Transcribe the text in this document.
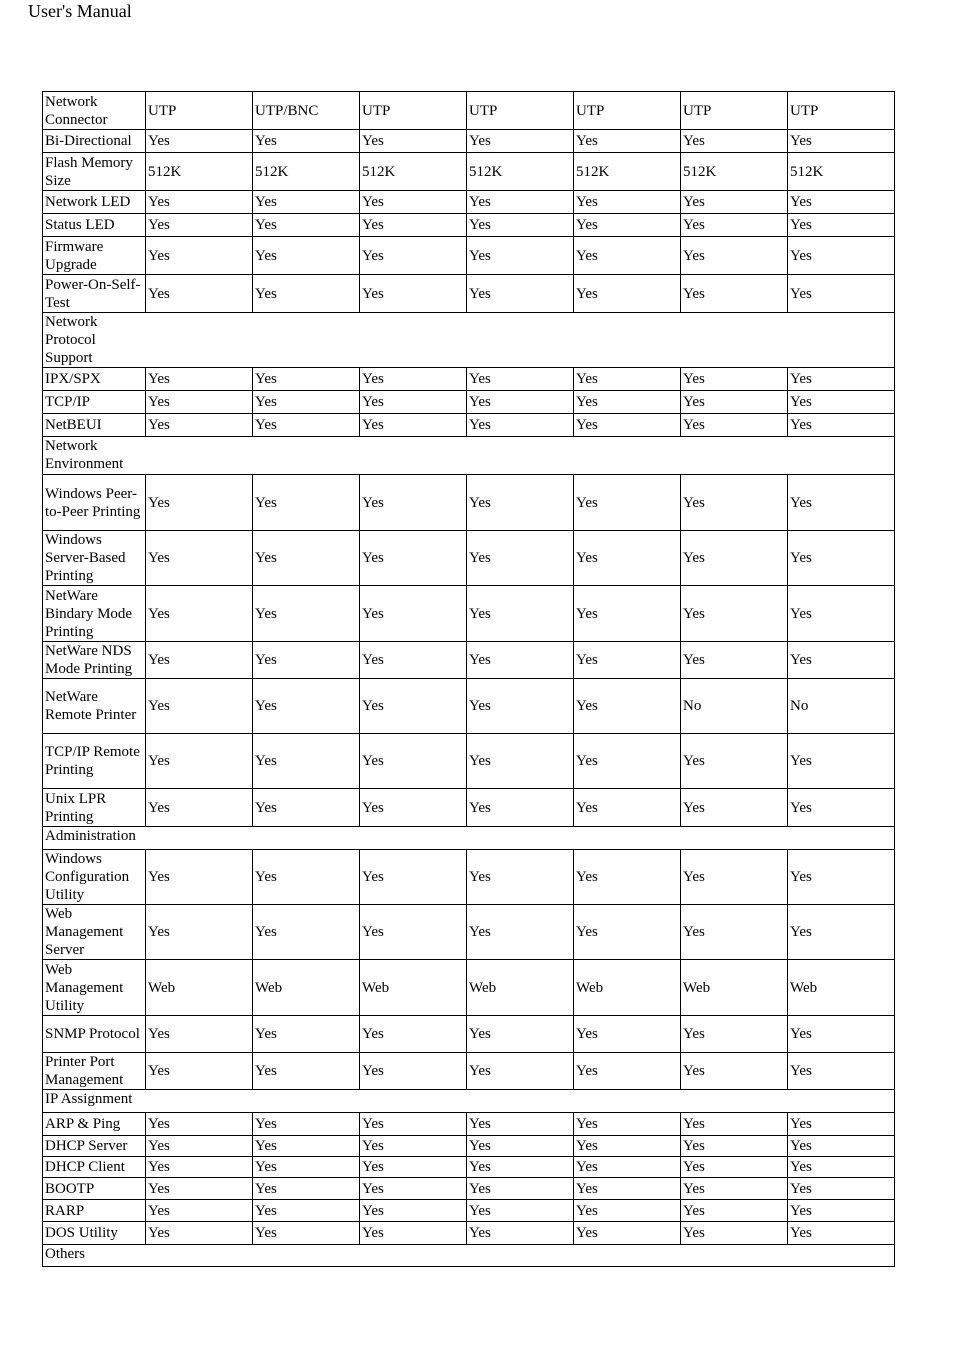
User's Manual
Network Connector	UTP	UTP/BNC	UTP	UTP	UTP	UTP	UTP
Bi-Directional	Yes	Yes	Yes	Yes	Yes	Yes	Yes
Flash Memory Size	512K	512K	512K	512K	512K	512K	512K
Network LED	Yes	Yes	Yes	Yes	Yes	Yes	Yes
Status LED	Yes	Yes	Yes	Yes	Yes	Yes	Yes
Firmware Upgrade	Yes	Yes	Yes	Yes	Yes	Yes	Yes
Power-On-Self-Test	Yes	Yes	Yes	Yes	Yes	Yes	Yes

Network Protocol Support							

IPX/SPX	Yes	Yes	Yes	Yes	Yes	Yes	Yes
TCP/IP	Yes	Yes	Yes	Yes	Yes	Yes	Yes
NetBEUI	Yes	Yes	Yes	Yes	Yes	Yes	Yes

Network Environment							

Windows Peer-to-Peer Printing	Yes	Yes	Yes	Yes	Yes	Yes	Yes
Windows Server-Based Printing	Yes	Yes	Yes	Yes	Yes	Yes	Yes
NetWare Bindary Mode Printing	Yes	Yes	Yes	Yes	Yes	Yes	Yes
NetWare NDS Mode Printing	Yes	Yes	Yes	Yes	Yes	Yes	Yes
NetWare Remote Printer	Yes	Yes	Yes	Yes	Yes	No	No
TCP/IP Remote Printing	Yes	Yes	Yes	Yes	Yes	Yes	Yes
Unix LPR Printing	Yes	Yes	Yes	Yes	Yes	Yes	Yes

Administration							

Windows Configuration Utility	Yes	Yes	Yes	Yes	Yes	Yes	Yes
Web Management Server	Yes	Yes	Yes	Yes	Yes	Yes	Yes
Web Management Utility	Web	Web	Web	Web	Web	Web	Web
SNMP Protocol	Yes	Yes	Yes	Yes	Yes	Yes	Yes
Printer Port Management	Yes	Yes	Yes	Yes	Yes	Yes	Yes

IP Assignment							

ARP & Ping	Yes	Yes	Yes	Yes	Yes	Yes	Yes
DHCP Server	Yes	Yes	Yes	Yes	Yes	Yes	Yes
DHCP Client	Yes	Yes	Yes	Yes	Yes	Yes	Yes
BOOTP	Yes	Yes	Yes	Yes	Yes	Yes	Yes
RARP	Yes	Yes	Yes	Yes	Yes	Yes	Yes
DOS Utility	Yes	Yes	Yes	Yes	Yes	Yes	Yes

Others							
